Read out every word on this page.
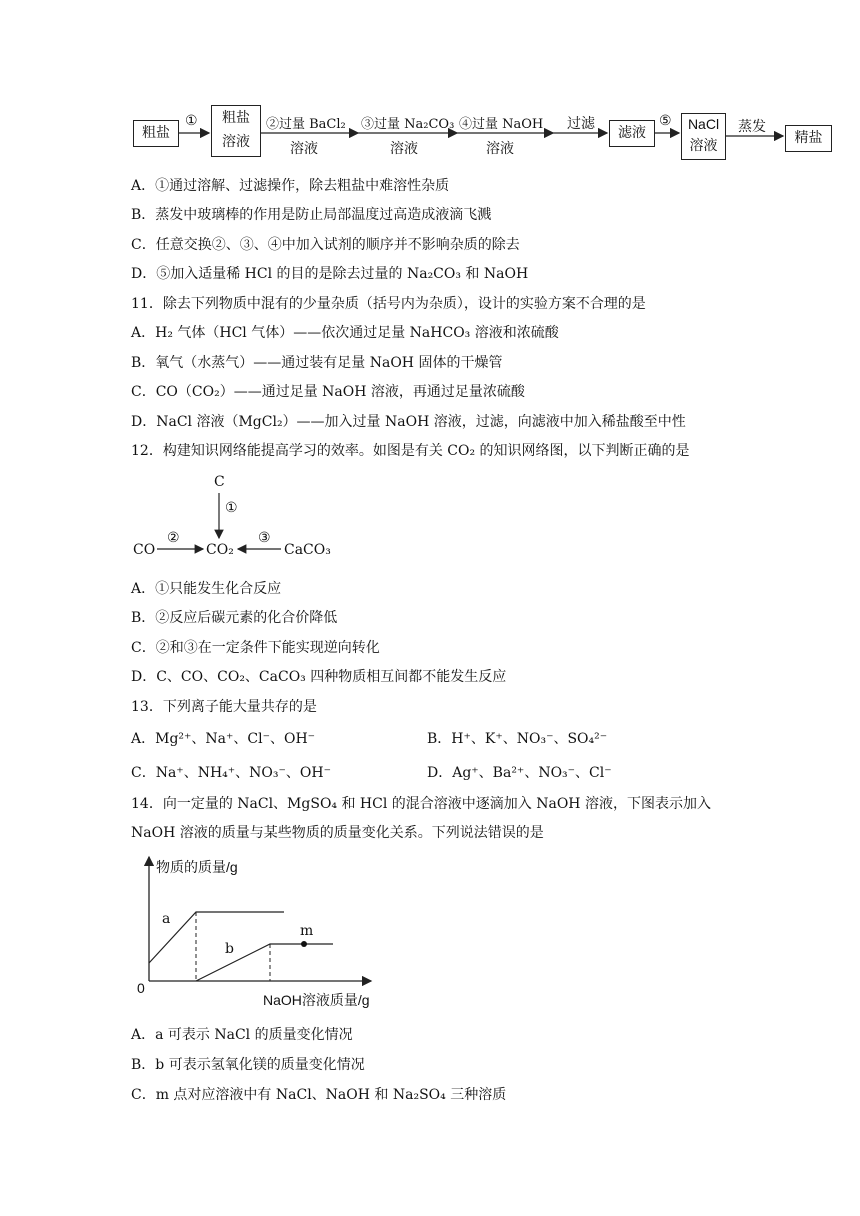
粗盐
粗盐
溶液
滤液
NaCl
溶液	精盐
①	②过量 BaCl₂
溶液
③过量 Na₂CO₃
溶液
④过量 NaOH
溶液
过滤	⑤	蒸发
A．①通过溶解、过滤操作，除去粗盐中难溶性杂质
B．蒸发中玻璃棒的作用是防止局部温度过高造成液滴飞溅
C．任意交换②、③、④中加入试剂的顺序并不影响杂质的除去
D．⑤加入适量稀 HCl 的目的是除去过量的 Na₂CO₃ 和 NaOH
11．除去下列物质中混有的少量杂质（括号内为杂质），设计的实验方案不合理的是
A．H₂ 气体（HCl 气体）——依次通过足量 NaHCO₃ 溶液和浓硫酸
B．氧气（水蒸气）——通过装有足量 NaOH 固体的干燥管
C．CO（CO₂）——通过足量 NaOH 溶液，再通过足量浓硫酸
D．NaCl 溶液（MgCl₂）——加入过量 NaOH 溶液，过滤，向滤液中加入稀盐酸至中性
12．构建知识网络能提高学习的效率。如图是有关 CO₂ 的知识网络图，以下判断正确的是
C
①
CO
②
CO₂
③
CaCO₃
A．①只能发生化合反应
B．②反应后碳元素的化合价降低
C．②和③在一定条件下能实现逆向转化
D．C、CO、CO₂、CaCO₃ 四种物质相互间都不能发生反应
13．下列离子能大量共存的是
A．Mg²⁺、Na⁺、Cl⁻、OH⁻	B．H⁺、K⁺、NO₃⁻、SO₄²⁻
C．Na⁺、NH₄⁺、NO₃⁻、OH⁻	D．Ag⁺、Ba²⁺、NO₃⁻、Cl⁻
14．向一定量的 NaCl、MgSO₄ 和 HCl 的混合溶液中逐滴加入 NaOH 溶液，下图表示加入
NaOH 溶液的质量与某些物质的质量变化关系。下列说法错误的是
物质的质量/g
NaOH溶液质量/g
0
a
b
m
A．a 可表示 NaCl 的质量变化情况
B．b 可表示氢氧化镁的质量变化情况
C．m 点对应溶液中有 NaCl、NaOH 和 Na₂SO₄ 三种溶质
